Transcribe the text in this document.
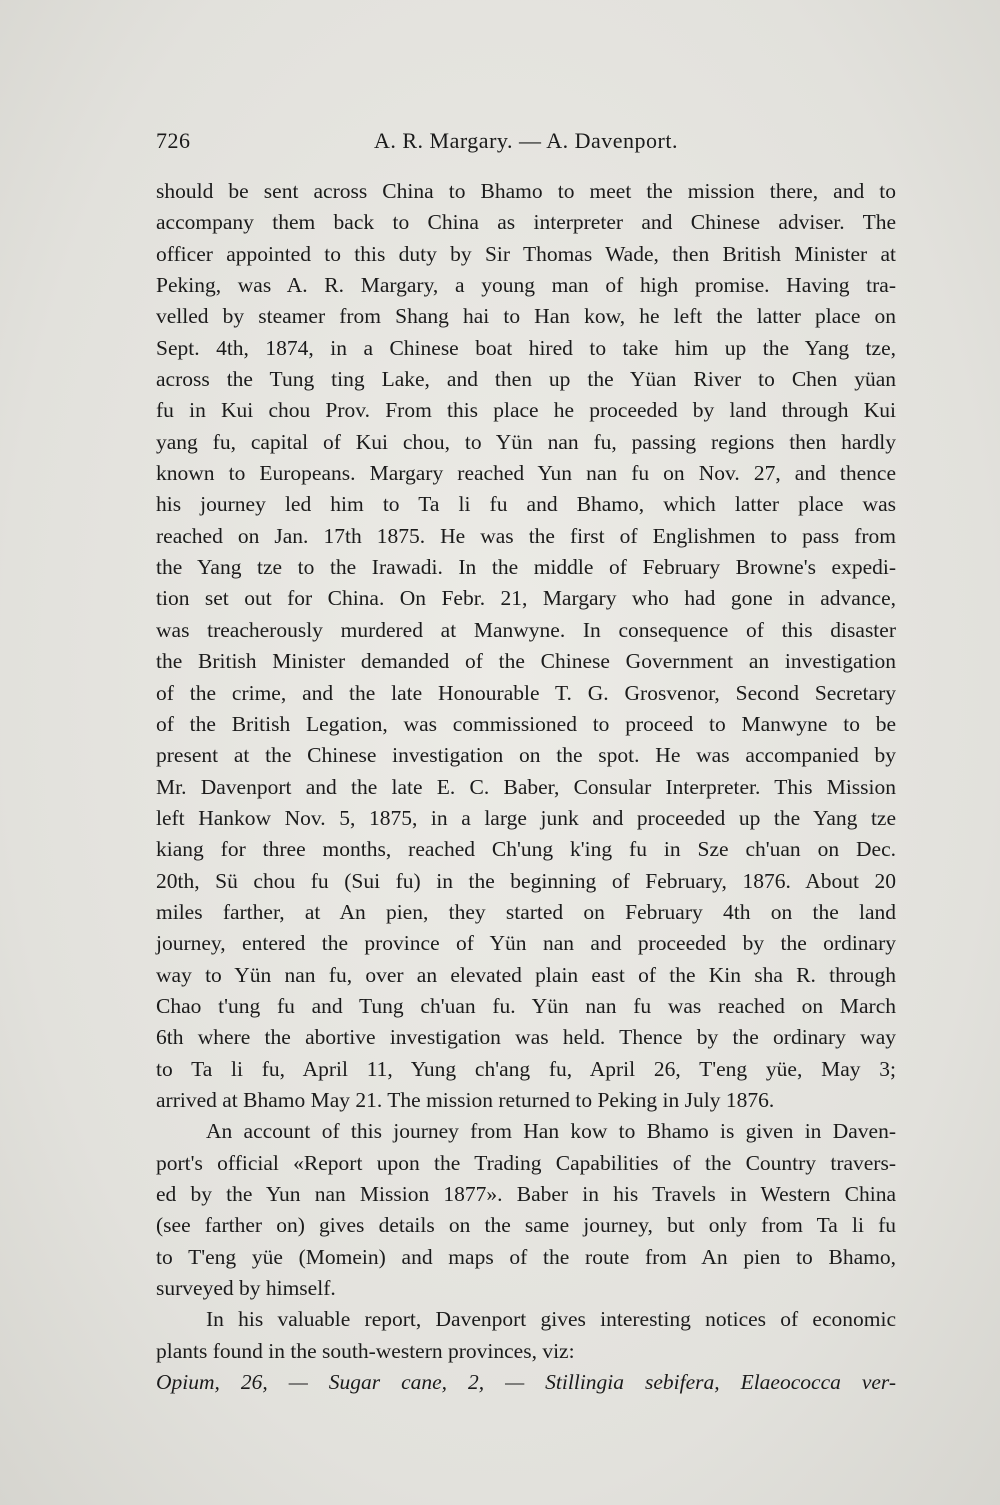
726	A. R. Margary. — A. Davenport.
should be sent across China to Bhamo to meet the mission there, and to
accompany them back to China as interpreter and Chinese adviser. The
officer appointed to this duty by Sir Thomas Wade, then British Minister at
Peking, was A. R. Margary, a young man of high promise. Having tra-
velled by steamer from Shang hai to Han kow, he left the latter place on
Sept. 4th, 1874, in a Chinese boat hired to take him up the Yang tze,
across the Tung ting Lake, and then up the Yüan River to Chen yüan
fu in Kui chou Prov. From this place he proceeded by land through Kui
yang fu, capital of Kui chou, to Yün nan fu, passing regions then hardly
known to Europeans. Margary reached Yun nan fu on Nov. 27, and thence
his journey led him to Ta li fu and Bhamo, which latter place was
reached on Jan. 17th 1875. He was the first of Englishmen to pass from
the Yang tze to the Irawadi. In the middle of February Browne's expedi-
tion set out for China. On Febr. 21, Margary who had gone in advance,
was treacherously murdered at Manwyne. In consequence of this disaster
the British Minister demanded of the Chinese Government an investigation
of the crime, and the late Honourable T. G. Grosvenor, Second Secretary
of the British Legation, was commissioned to proceed to Manwyne to be
present at the Chinese investigation on the spot. He was accompanied by
Mr. Davenport and the late E. C. Baber, Consular Interpreter. This Mission
left Hankow Nov. 5, 1875, in a large junk and proceeded up the Yang tze
kiang for three months, reached Ch'ung k'ing fu in Sze ch'uan on Dec.
20th, Sü chou fu (Sui fu) in the beginning of February, 1876. About 20
miles farther, at An pien, they started on February 4th on the land
journey, entered the province of Yün nan and proceeded by the ordinary
way to Yün nan fu, over an elevated plain east of the Kin sha R. through
Chao t'ung fu and Tung ch'uan fu. Yün nan fu was reached on March
6th where the abortive investigation was held. Thence by the ordinary way
to Ta li fu, April 11, Yung ch'ang fu, April 26, T'eng yüe, May 3;
arrived at Bhamo May 21. The mission returned to Peking in July 1876.
An account of this journey from Han kow to Bhamo is given in Daven-
port's official «Report upon the Trading Capabilities of the Country travers-
ed by the Yun nan Mission 1877». Baber in his Travels in Western China
(see farther on) gives details on the same journey, but only from Ta li fu
to T'eng yüe (Momein) and maps of the route from An pien to Bhamo,
surveyed by himself.
In his valuable report, Davenport gives interesting notices of economic
plants found in the south-western provinces, viz:
Opium, 26, — Sugar cane, 2, — Stillingia sebifera, Elaeococca ver-
